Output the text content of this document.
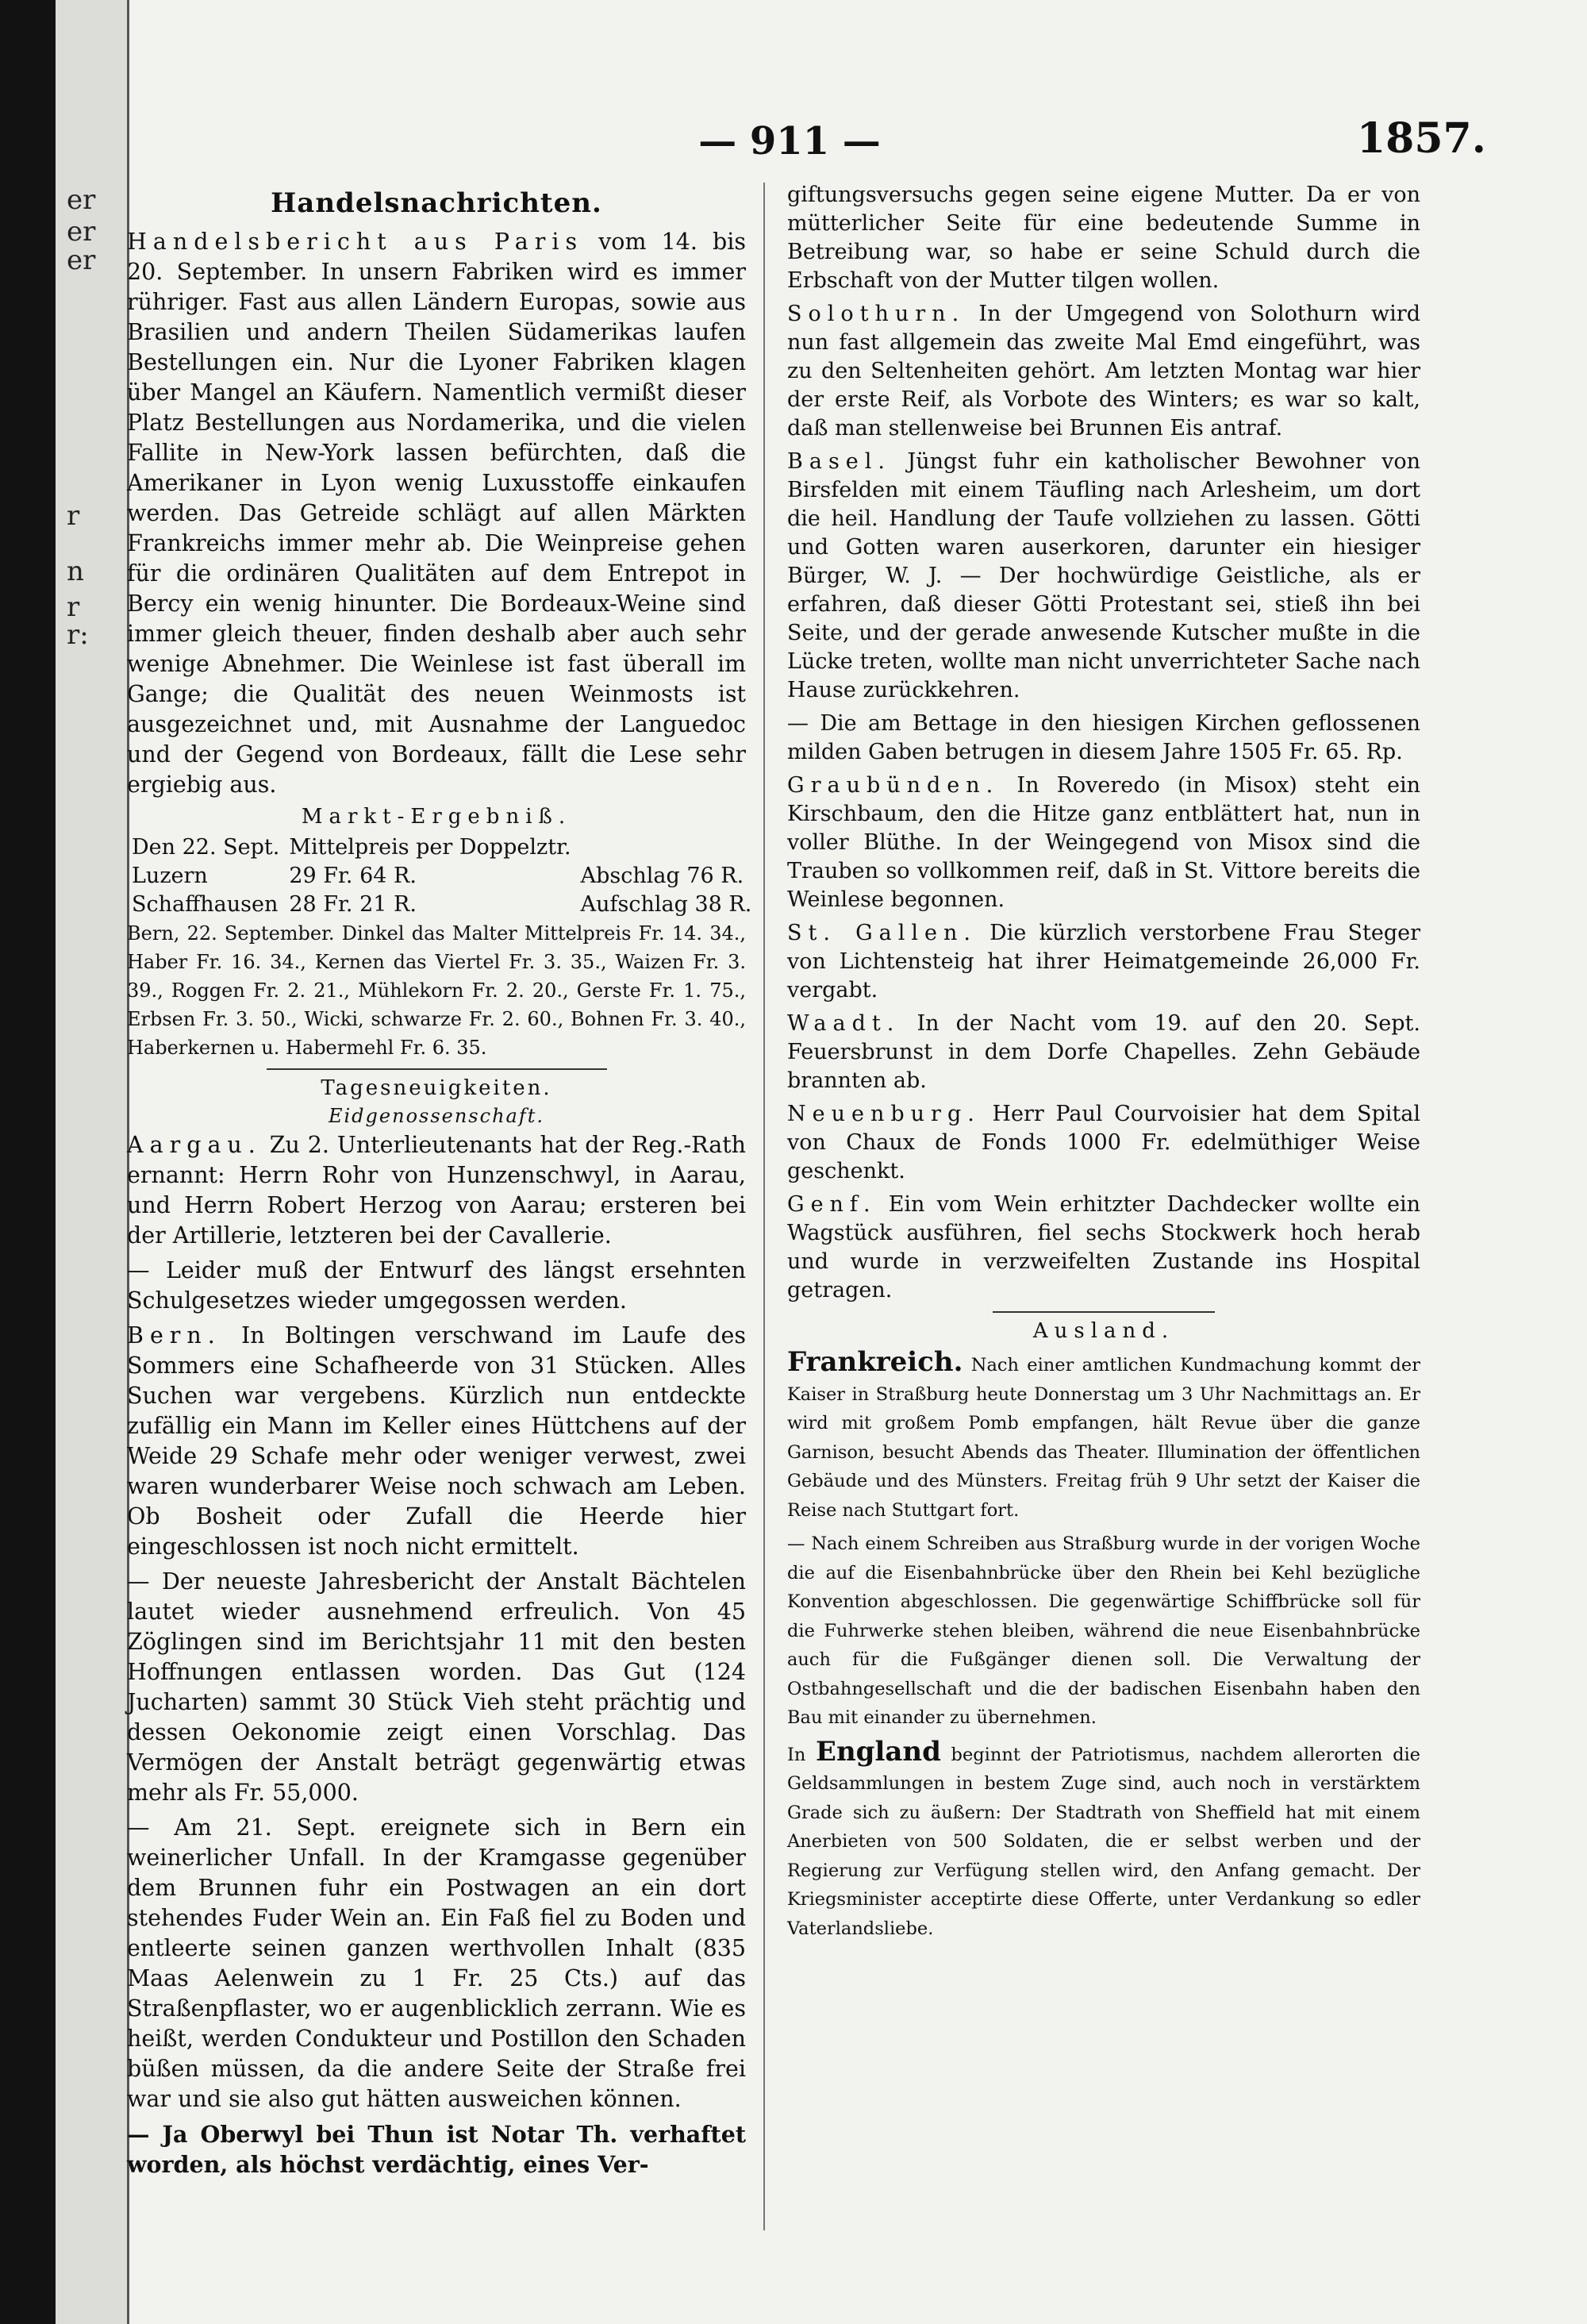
er
er
er
r
n
r
r:
— 911 —	1857.
Handelsnachrichten.

Handelsbericht aus Paris vom 14. bis 20. September. In unsern Fabriken wird es immer rühriger. Fast aus allen Ländern Europas, sowie aus Brasilien und andern Theilen Südamerikas laufen Bestellungen ein. Nur die Lyoner Fabriken klagen über Mangel an Käufern. Namentlich vermißt dieser Platz Bestellungen aus Nordamerika, und die vielen Fallite in New-York lassen befürchten, daß die Amerikaner in Lyon wenig Luxusstoffe einkaufen werden. Das Getreide schlägt auf allen Märkten Frankreichs immer mehr ab. Die Weinpreise gehen für die ordinären Qualitäten auf dem Entrepot in Bercy ein wenig hinunter. Die Bordeaux-Weine sind immer gleich theuer, finden deshalb aber auch sehr wenige Abnehmer. Die Weinlese ist fast überall im Gange; die Qualität des neuen Weinmosts ist ausgezeichnet und, mit Ausnahme der Languedoc und der Gegend von Bordeaux, fällt die Lese sehr ergiebig aus.

Markt-Ergebniß.
Den 22. Sept.	Mittelpreis per Doppelztr.	
Luzern	29 Fr. 64 R.	Abschlag 76 R.
Schaffhausen	28 Fr. 21 R.	Aufschlag 38 R.

Bern, 22. September. Dinkel das Malter Mittelpreis Fr. 14. 34., Haber Fr. 16. 34., Kernen das Viertel Fr. 3. 35., Waizen Fr. 3. 39., Roggen Fr. 2. 21., Mühlekorn Fr. 2. 20., Gerste Fr. 1. 75., Erbsen Fr. 3. 50., Wicki, schwarze Fr. 2. 60., Bohnen Fr. 3. 40., Haberkernen u. Habermehl Fr. 6. 35.

Tagesneuigkeiten.
Eidgenossenschaft.

Aargau. Zu 2. Unterlieutenants hat der Reg.-Rath ernannt: Herrn Rohr von Hunzenschwyl, in Aarau, und Herrn Robert Herzog von Aarau; ersteren bei der Artillerie, letzteren bei der Cavallerie.

— Leider muß der Entwurf des längst ersehnten Schulgesetzes wieder umgegossen werden.

Bern. In Boltingen verschwand im Laufe des Sommers eine Schafheerde von 31 Stücken. Alles Suchen war vergebens. Kürzlich nun entdeckte zufällig ein Mann im Keller eines Hüttchens auf der Weide 29 Schafe mehr oder weniger verwest, zwei waren wunderbarer Weise noch schwach am Leben. Ob Bosheit oder Zufall die Heerde hier eingeschlossen ist noch nicht ermittelt.

— Der neueste Jahresbericht der Anstalt Bächtelen lautet wieder ausnehmend erfreulich. Von 45 Zöglingen sind im Berichtsjahr 11 mit den besten Hoffnungen entlassen worden. Das Gut (124 Jucharten) sammt 30 Stück Vieh steht prächtig und dessen Oekonomie zeigt einen Vorschlag. Das Vermögen der Anstalt beträgt gegenwärtig etwas mehr als Fr. 55,000.

— Am 21. Sept. ereignete sich in Bern ein weinerlicher Unfall. In der Kramgasse gegenüber dem Brunnen fuhr ein Postwagen an ein dort stehendes Fuder Wein an. Ein Faß fiel zu Boden und entleerte seinen ganzen werthvollen Inhalt (835 Maas Aelenwein zu 1 Fr. 25 Cts.) auf das Straßenpflaster, wo er augenblicklich zerrann. Wie es heißt, werden Condukteur und Postillon den Schaden büßen müssen, da die andere Seite der Straße frei war und sie also gut hätten ausweichen können.

— Ja Oberwyl bei Thun ist Notar Th. verhaftet worden, als höchst verdächtig, eines Ver-

giftungsversuchs gegen seine eigene Mutter. Da er von mütterlicher Seite für eine bedeutende Summe in Betreibung war, so habe er seine Schuld durch die Erbschaft von der Mutter tilgen wollen.

Solothurn. In der Umgegend von Solothurn wird nun fast allgemein das zweite Mal Emd eingeführt, was zu den Seltenheiten gehört. Am letzten Montag war hier der erste Reif, als Vorbote des Winters; es war so kalt, daß man stellenweise bei Brunnen Eis antraf.

Basel. Jüngst fuhr ein katholischer Bewohner von Birsfelden mit einem Täufling nach Arlesheim, um dort die heil. Handlung der Taufe vollziehen zu lassen. Götti und Gotten waren auserkoren, darunter ein hiesiger Bürger, W. J. — Der hochwürdige Geistliche, als er erfahren, daß dieser Götti Protestant sei, stieß ihn bei Seite, und der gerade anwesende Kutscher mußte in die Lücke treten, wollte man nicht unverrichteter Sache nach Hause zurückkehren.

— Die am Bettage in den hiesigen Kirchen geflossenen milden Gaben betrugen in diesem Jahre 1505 Fr. 65. Rp.

Graubünden. In Roveredo (in Misox) steht ein Kirschbaum, den die Hitze ganz entblättert hat, nun in voller Blüthe. In der Weingegend von Misox sind die Trauben so vollkommen reif, daß in St. Vittore bereits die Weinlese begonnen.

St. Gallen. Die kürzlich verstorbene Frau Steger von Lichtensteig hat ihrer Heimatgemeinde 26,000 Fr. vergabt.

Waadt. In der Nacht vom 19. auf den 20. Sept. Feuersbrunst in dem Dorfe Chapelles. Zehn Gebäude brannten ab.

Neuenburg. Herr Paul Courvoisier hat dem Spital von Chaux de Fonds 1000 Fr. edelmüthiger Weise geschenkt.

Genf. Ein vom Wein erhitzter Dachdecker wollte ein Wagstück ausführen, fiel sechs Stockwerk hoch herab und wurde in verzweifelten Zustande ins Hospital getragen.

Ausland.

Frankreich. Nach einer amtlichen Kundmachung kommt der Kaiser in Straßburg heute Donnerstag um 3 Uhr Nachmittags an. Er wird mit großem Pomb empfangen, hält Revue über die ganze Garnison, besucht Abends das Theater. Illumination der öffentlichen Gebäude und des Münsters. Freitag früh 9 Uhr setzt der Kaiser die Reise nach Stuttgart fort.

— Nach einem Schreiben aus Straßburg wurde in der vorigen Woche die auf die Eisenbahnbrücke über den Rhein bei Kehl bezügliche Konvention abgeschlossen. Die gegenwärtige Schiffbrücke soll für die Fuhrwerke stehen bleiben, während die neue Eisenbahnbrücke auch für die Fußgänger dienen soll. Die Verwaltung der Ostbahngesellschaft und die der badischen Eisenbahn haben den Bau mit einander zu übernehmen.

In England beginnt der Patriotismus, nachdem allerorten die Geldsammlungen in bestem Zuge sind, auch noch in verstärktem Grade sich zu äußern: Der Stadtrath von Sheffield hat mit einem Anerbieten von 500 Soldaten, die er selbst werben und der Regierung zur Verfügung stellen wird, den Anfang gemacht. Der Kriegsminister acceptirte diese Offerte, unter Verdankung so edler Vaterlandsliebe.
